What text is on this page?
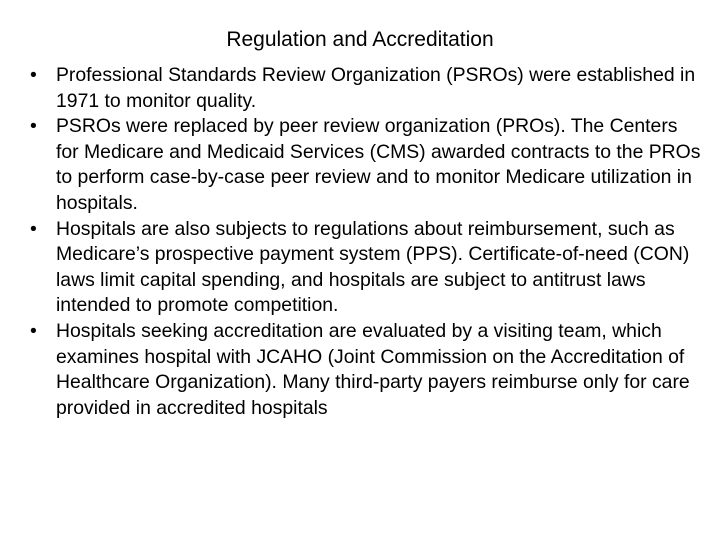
Regulation and Accreditation
• Professional Standards Review Organization (PSROs) were established in 1971 to monitor quality.
• PSROs were replaced by peer review organization (PROs). The Centers for Medicare and Medicaid Services (CMS) awarded contracts to the PROs to perform case-by-case peer review and to monitor Medicare utilization in hospitals.
• Hospitals are also subjects to regulations about reimbursement, such as Medicare’s prospective payment system (PPS). Certificate-of-need (CON) laws limit capital spending, and hospitals are subject to antitrust laws intended to promote competition.
• Hospitals seeking accreditation are evaluated by a visiting team, which examines hospital with JCAHO (Joint Commission on the Accreditation of Healthcare Organization). Many third-party payers reimburse only for care provided in accredited hospitals
